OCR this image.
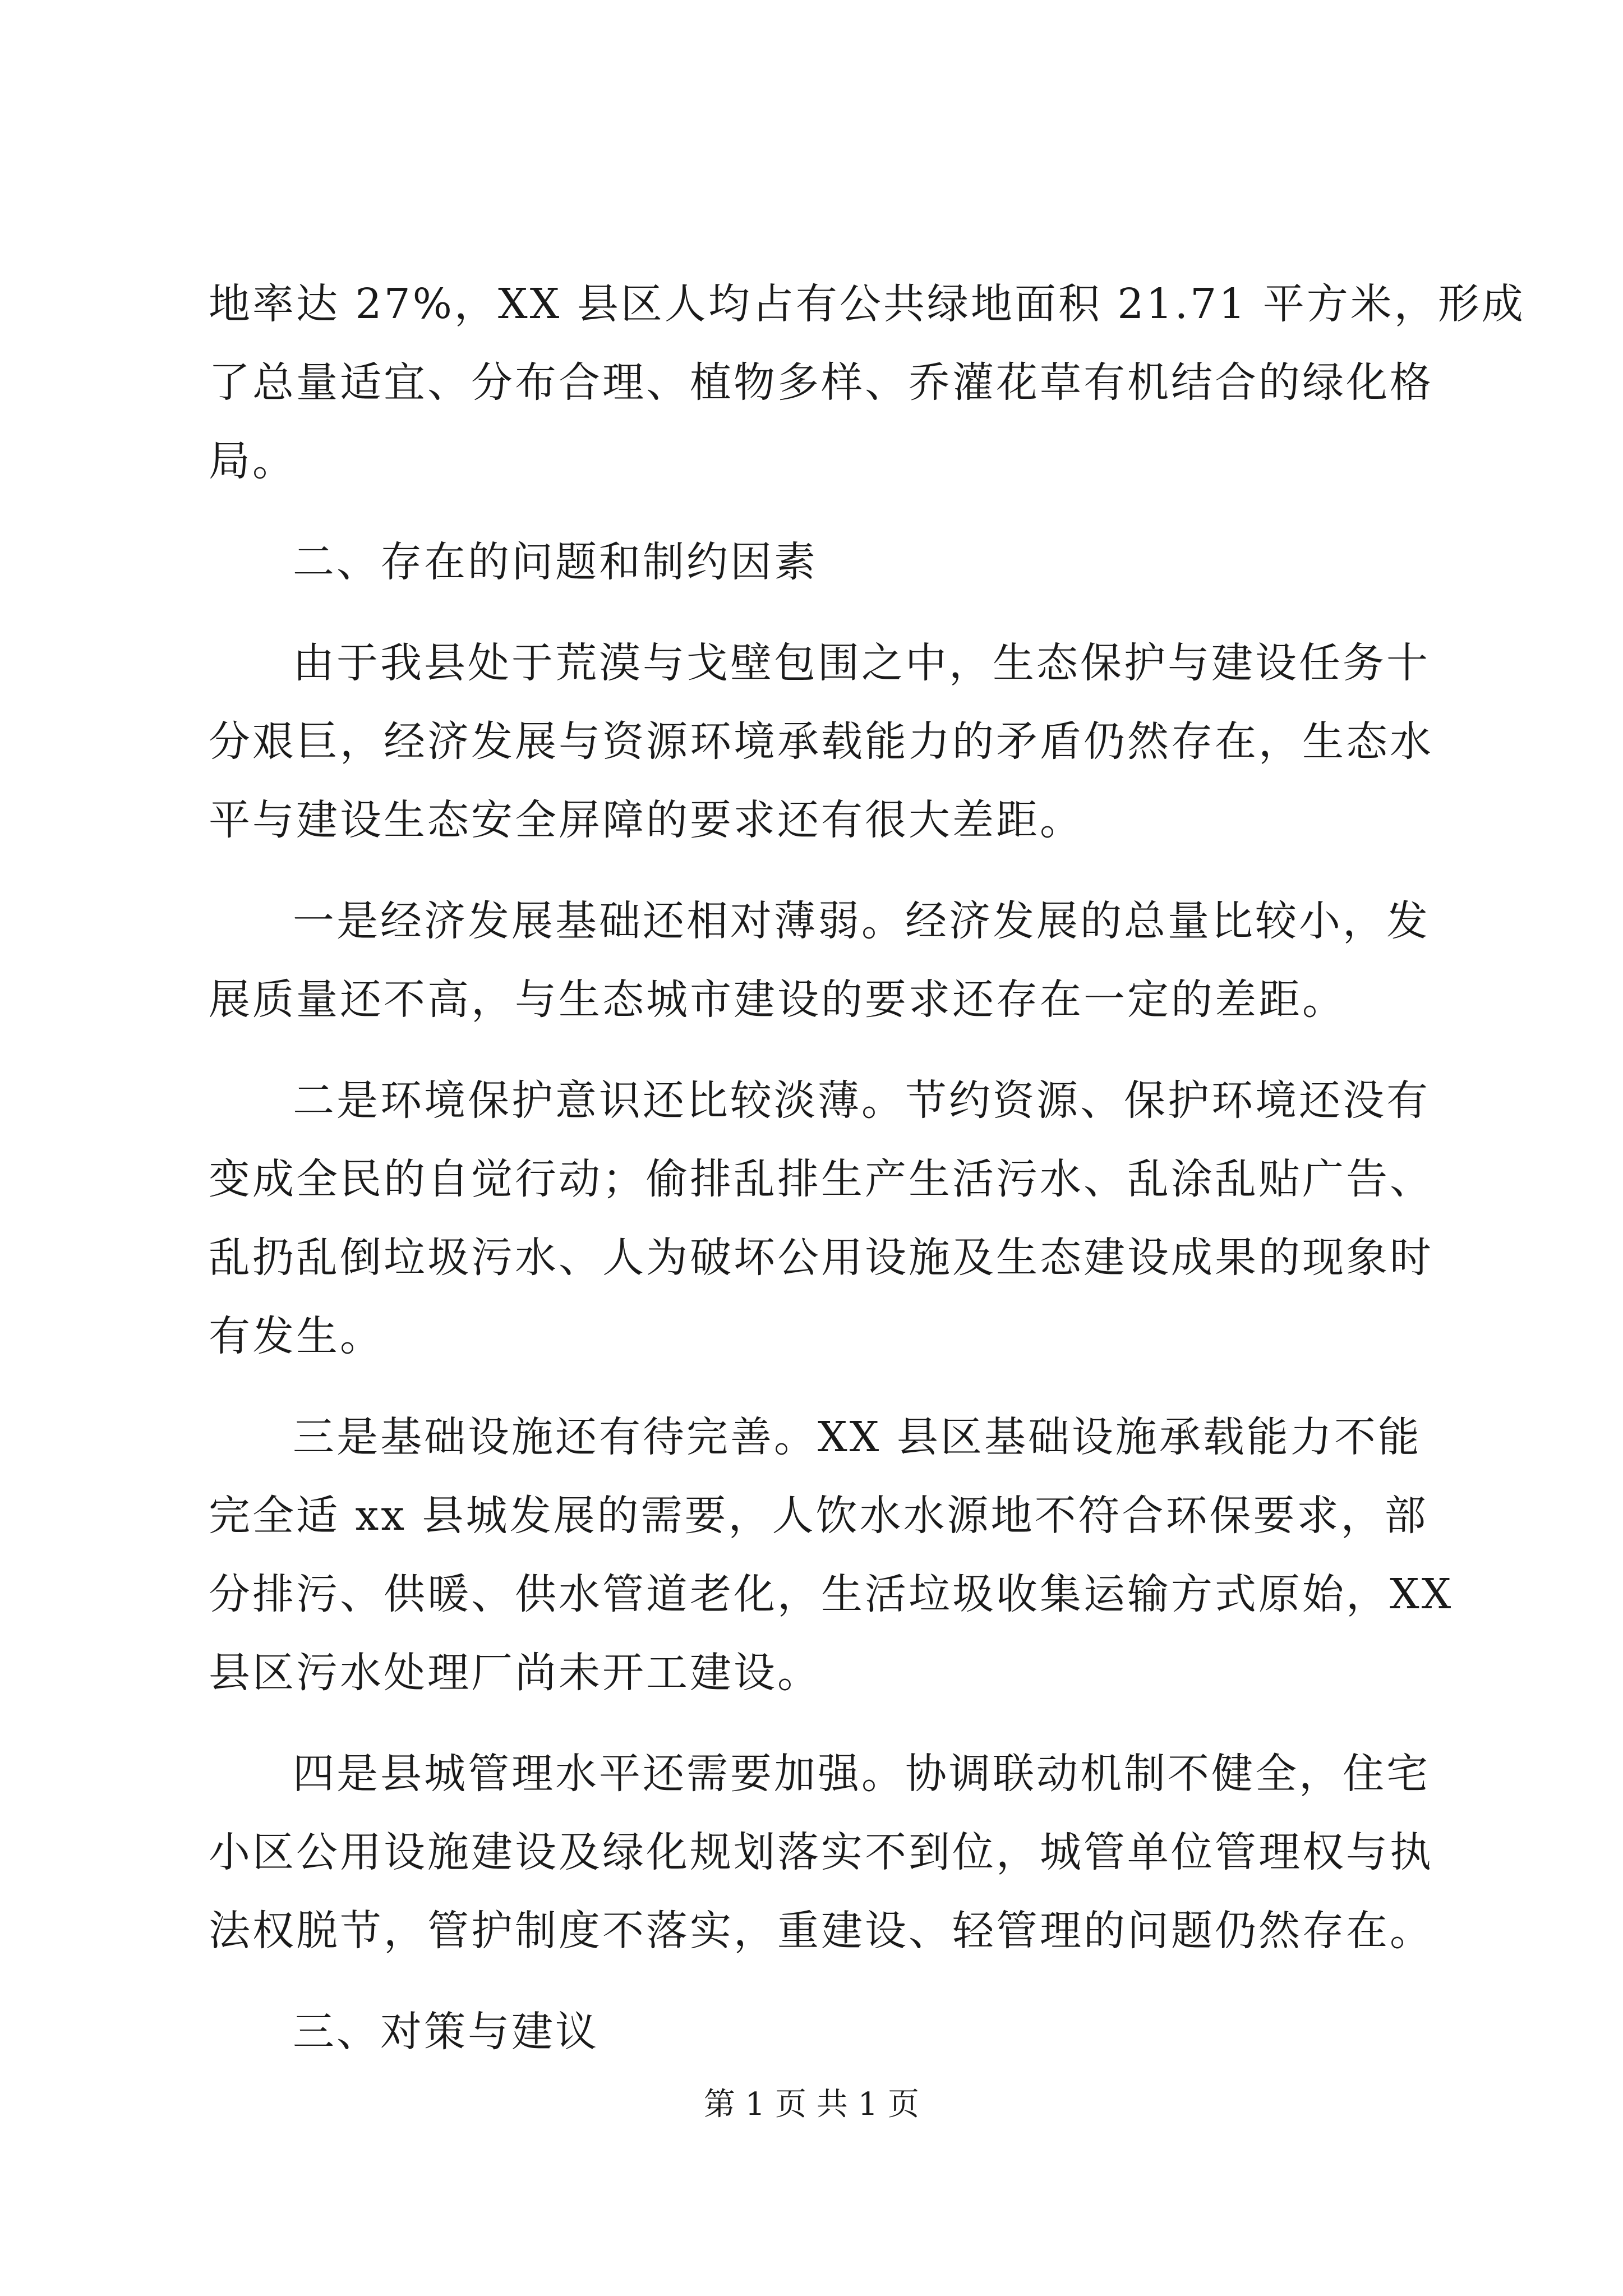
地率达 27%，XX 县区人均占有公共绿地面积 21.71 平方米，形成
了总量适宜、分布合理、植物多样、乔灌花草有机结合的绿化格
局。
二、存在的问题和制约因素
由于我县处于荒漠与戈壁包围之中，生态保护与建设任务十
分艰巨，经济发展与资源环境承载能力的矛盾仍然存在，生态水
平与建设生态安全屏障的要求还有很大差距。
一是经济发展基础还相对薄弱。经济发展的总量比较小，发
展质量还不高，与生态城市建设的要求还存在一定的差距。
二是环境保护意识还比较淡薄。节约资源、保护环境还没有
变成全民的自觉行动；偷排乱排生产生活污水、乱涂乱贴广告、
乱扔乱倒垃圾污水、人为破坏公用设施及生态建设成果的现象时
有发生。
三是基础设施还有待完善。XX 县区基础设施承载能力不能
完全适 xx 县城发展的需要，人饮水水源地不符合环保要求，部
分排污、供暖、供水管道老化，生活垃圾收集运输方式原始，XX
县区污水处理厂尚未开工建设。
四是县城管理水平还需要加强。协调联动机制不健全，住宅
小区公用设施建设及绿化规划落实不到位，城管单位管理权与执
法权脱节，管护制度不落实，重建设、轻管理的问题仍然存在。
三、对策与建议
第 1 页 共 1 页
